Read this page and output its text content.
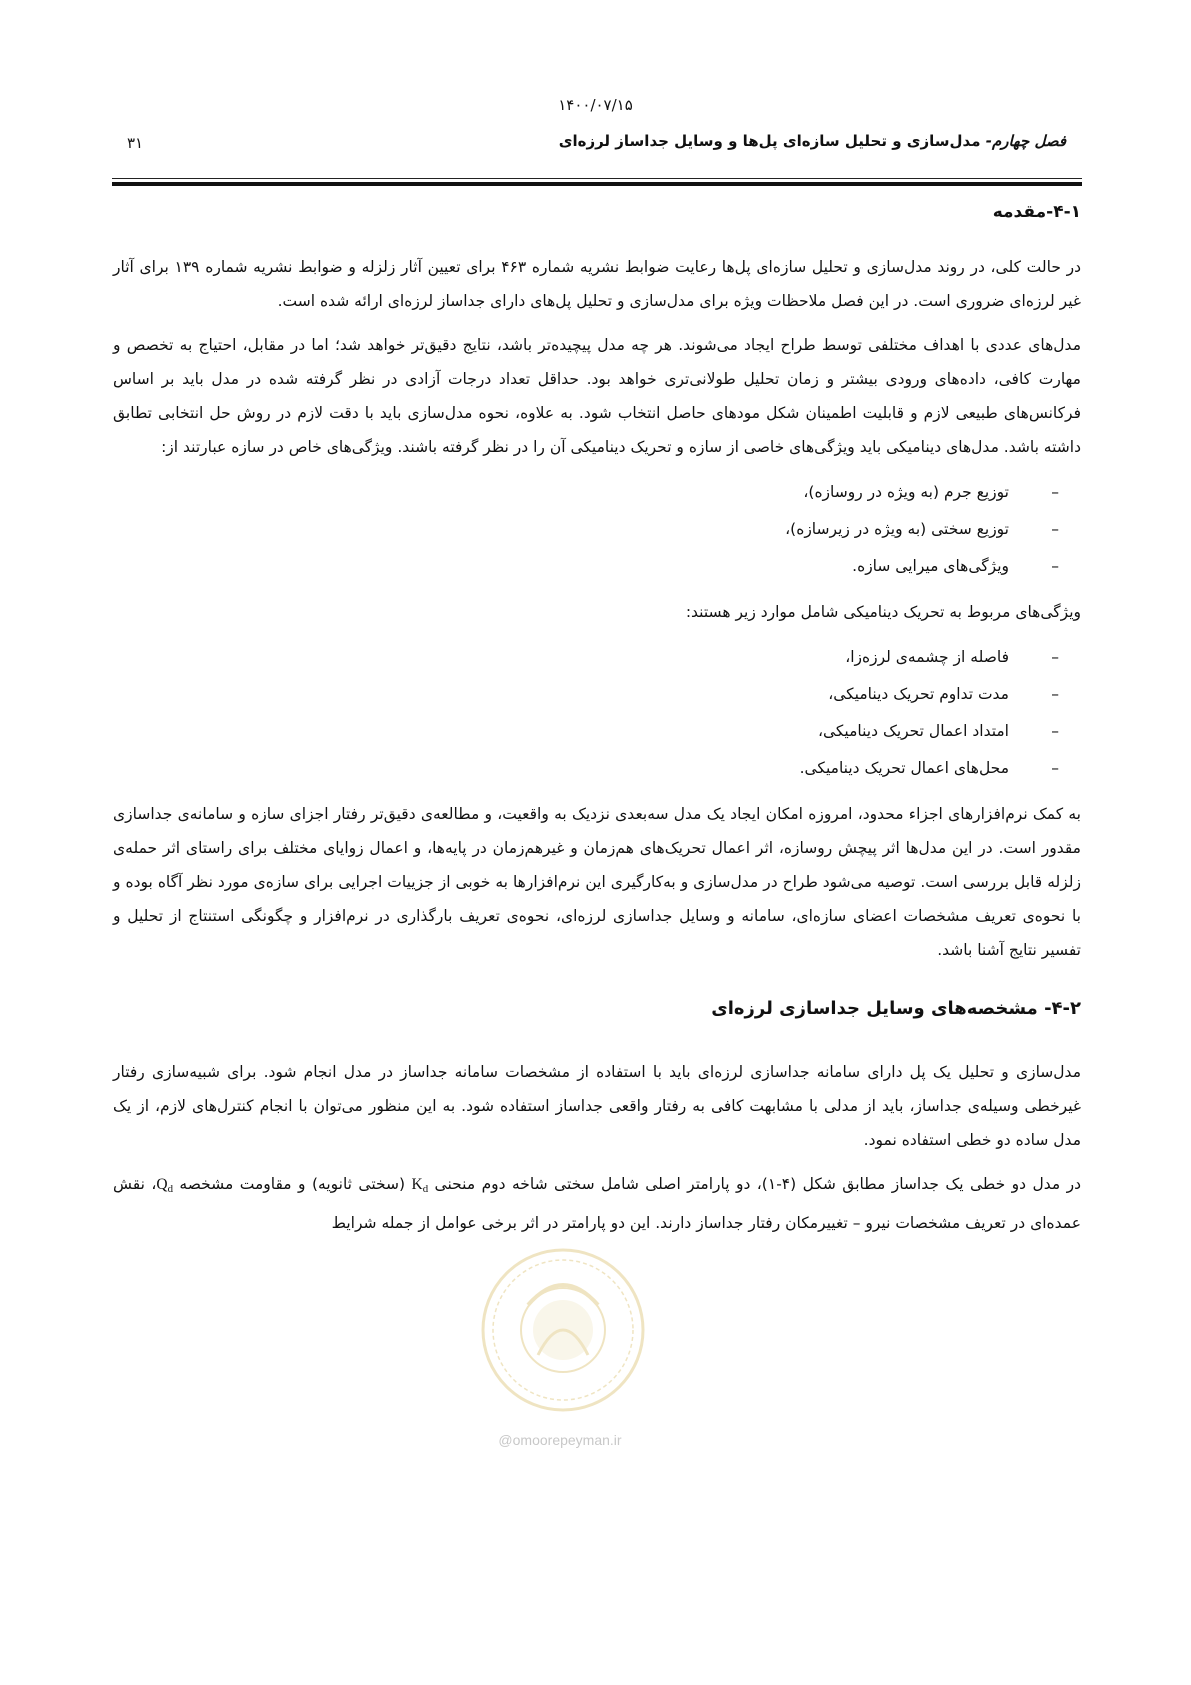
۱۴۰۰/۰۷/۱۵
فصل چهارم- مدل‌سازی و تحلیل سازه‌ای پل‌ها و وسایل جداساز لرزه‌ای
۳۱
۴-۱-مقدمه

در حالت کلی، در روند مدل‌سازی و تحلیل سازه‌ای پل‌ها رعایت ضوابط نشریه شماره ۴۶۳ برای تعیین آثار زلزله و ضوابط نشریه شماره ۱۳۹ برای آثار غیر لرزه‌ای ضروری است. در این فصل ملاحظات ویژه برای مدل‌سازی و تحلیل پل‌های دارای جداساز لرزه‌ای ارائه شده است.

مدل‌های عددی با اهداف مختلفی توسط طراح ایجاد می‌شوند. هر چه مدل پیچیده‌تر باشد، نتایج دقیق‌تر خواهد شد؛ اما در مقابل، احتیاج به تخصص و مهارت کافی، داده‌های ورودی بیشتر و زمان تحلیل طولانی‌تری خواهد بود. حداقل تعداد درجات آزادی در نظر گرفته شده در مدل باید بر اساس فرکانس‌های طبیعی لازم و قابلیت اطمینان شکل مودهای حاصل انتخاب شود. به علاوه، نحوه مدل‌سازی باید با دقت لازم در روش حل انتخابی تطابق داشته باشد. مدل‌های دینامیکی باید ویژگی‌های خاصی از سازه و تحریک دینامیکی آن را در نظر گرفته باشند. ویژگی‌های خاص در سازه عبارتند از:

–
توزیع جرم (به ویژه در روسازه)،
–
توزیع سختی (به ویژه در زیرسازه)،
–
ویژگی‌های میرایی سازه.

ویژگی‌های مربوط به تحریک دینامیکی شامل موارد زیر هستند:

–
فاصله از چشمه‌ی لرزه‌زا،
–
مدت تداوم تحریک دینامیکی،
–
امتداد اعمال تحریک دینامیکی،
–
محل‌های اعمال تحریک دینامیکی.

به کمک نرم‌افزارهای اجزاء محدود، امروزه امکان ایجاد یک مدل سه‌بعدی نزدیک به واقعیت، و مطالعه‌ی دقیق‌تر رفتار اجزای سازه و سامانه‌ی جداسازی مقدور است. در این مدل‌ها اثر پیچش روسازه، اثر اعمال تحریک‌های هم‌زمان و غیرهم‌زمان در پایه‌ها، و اعمال زوایای مختلف برای راستای اثر حمله‌ی زلزله قابل بررسی است. توصیه می‌شود طراح در مدل‌سازی و به‌کارگیری این نرم‌افزارها به خوبی از جزییات اجرایی برای سازه‌ی مورد نظر آگاه بوده و با نحوه‌ی تعریف مشخصات اعضای سازه‌ای، سامانه و وسایل جداسازی لرزه‌ای، نحوه‌ی تعریف بارگذاری در نرم‌افزار و چگونگی استنتاج از تحلیل و تفسیر نتایج آشنا باشد.

۴-۲- مشخصه‌های وسایل جداسازی لرزه‌ای

مدل‌سازی و تحلیل یک پل دارای سامانه جداسازی لرزه‌ای باید با استفاده از مشخصات سامانه جداساز در مدل انجام شود. برای شبیه‌سازی رفتار غیرخطی وسیله‌ی جداساز، باید از مدلی با مشابهت کافی به رفتار واقعی جداساز استفاده شود. به این منظور می‌توان با انجام کنترل‌های لازم، از یک مدل ساده دو خطی استفاده نمود.

در مدل دو خطی یک جداساز مطابق شکل (۴-۱)، دو پارامتر اصلی شامل سختی شاخه دوم منحنی $K_d$ (سختی ثانویه) و مقاومت مشخصه $Q_d،$ نقش عمده‌ای در تعریف مشخصات نیرو – تغییرمکان رفتار جداساز دارند. این دو پارامتر در اثر برخی عوامل از جمله شرایط

@omoorepeyman.ir
